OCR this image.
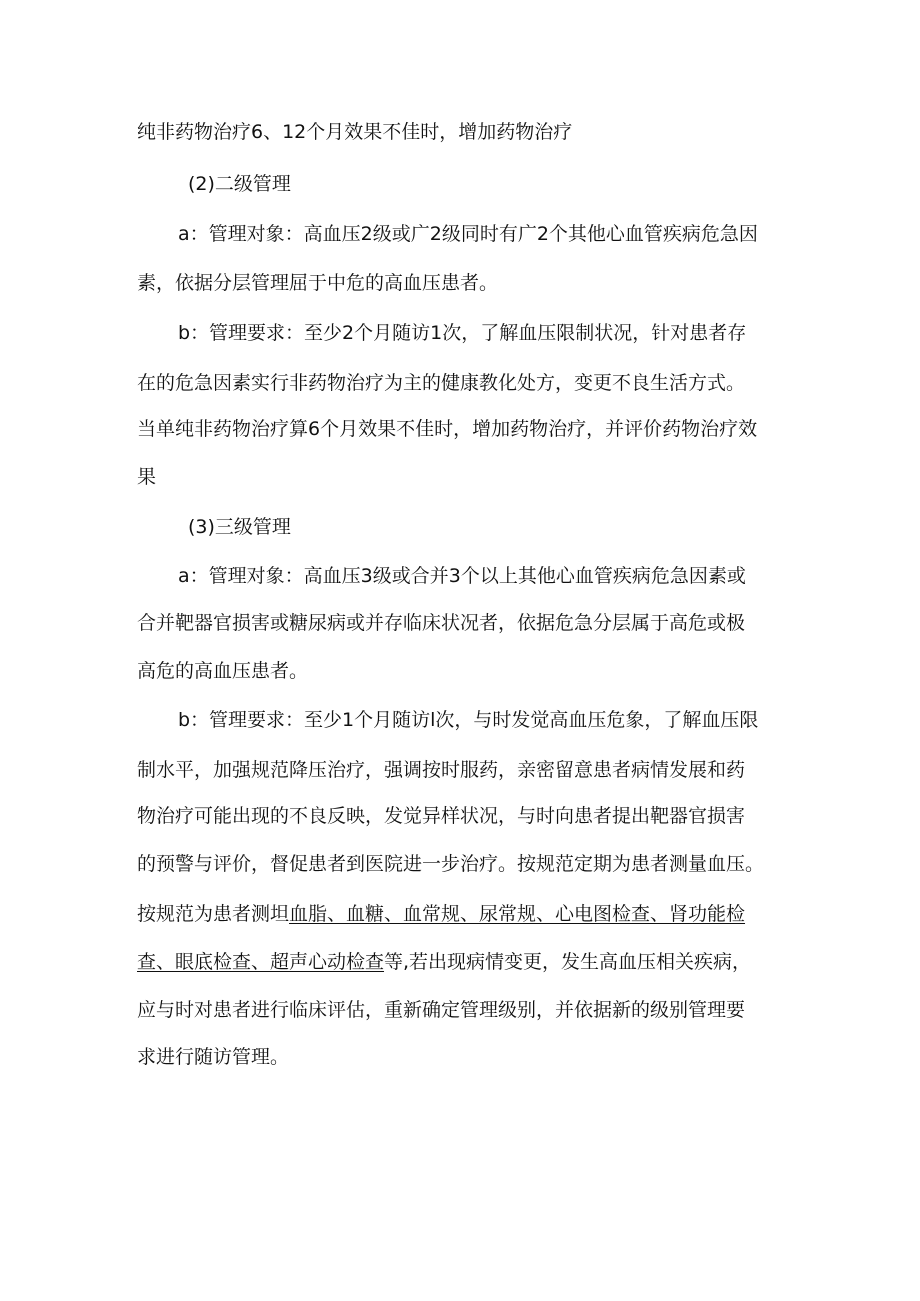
纯非药物治疗6、12个月效果不佳时，增加药物治疗
(2)二级管理
a：管理对象：高血压2级或广2级同时有广2个其他心血管疾病危急因
素，依据分层管理屈于中危的高血压患者。
b：管理要求：至少2个月随访1次，了解血压限制状况，针对患者存
在的危急因素实行非药物治疗为主的健康教化处方，变更不良生活方式。
当单纯非药物治疗算6个月效果不佳时，增加药物治疗，并评价药物治疗效
果
(3)三级管理
a：管理对象：高血压3级或合并3个以上其他心血管疾病危急因素或
合并靶器官损害或糖尿病或并存临床状况者，依据危急分层属于高危或极
高危的高血压患者。
b：管理要求：至少1个月随访l次，与时发觉高血压危象，了解血压限
制水平，加强规范降压治疗，强调按时服药，亲密留意患者病情发展和药
物治疗可能出现的不良反映，发觉异样状况，与时向患者提出靶器官损害
的预警与评价，督促患者到医院进一步治疗。按规范定期为患者测量血压。
按规范为患者测坦血脂、血糖、血常规、尿常规、心电图检查、肾功能检
查、眼底检查、超声心动检查等,若出现病情变更，发生高血压相关疾病，
应与时对患者进行临床评估，重新确定管理级别，并依据新的级别管理要
求进行随访管理。
